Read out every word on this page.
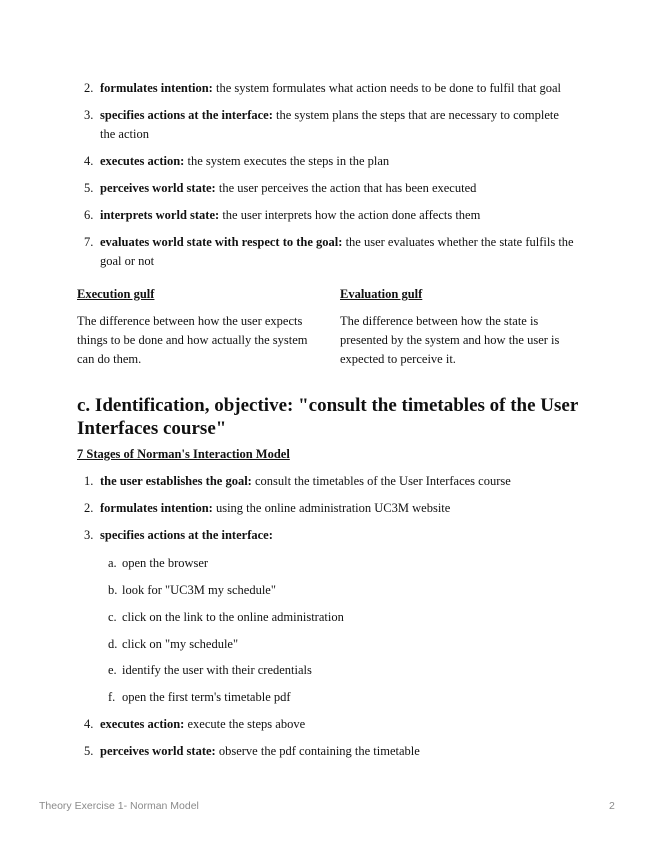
2. formulates intention: the system formulates what action needs to be done to fulfil that goal
3. specifies actions at the interface: the system plans the steps that are necessary to complete the action
4. executes action: the system executes the steps in the plan
5. perceives world state: the user perceives the action that has been executed
6. interprets world state: the user interprets how the action done affects them
7. evaluates world state with respect to the goal: the user evaluates whether the state fulfils the goal or not
Execution gulf
The difference between how the user expects things to be done and how actually the system can do them.
Evaluation gulf
The difference between how the state is presented by the system and how the user is expected to perceive it.
c. Identification, objective: "consult the timetables of the User Interfaces course"
7 Stages of Norman's Interaction Model
1. the user establishes the goal: consult the timetables of the User Interfaces course
2. formulates intention: using the online administration UC3M website
3. specifies actions at the interface:
a. open the browser
b. look for "UC3M my schedule"
c. click on the link to the online administration
d. click on "my schedule"
e. identify the user with their credentials
f. open the first term's timetable pdf
4. executes action: execute the steps above
5. perceives world state: observe the pdf containing the timetable
Theory Exercise 1- Norman Model	2
